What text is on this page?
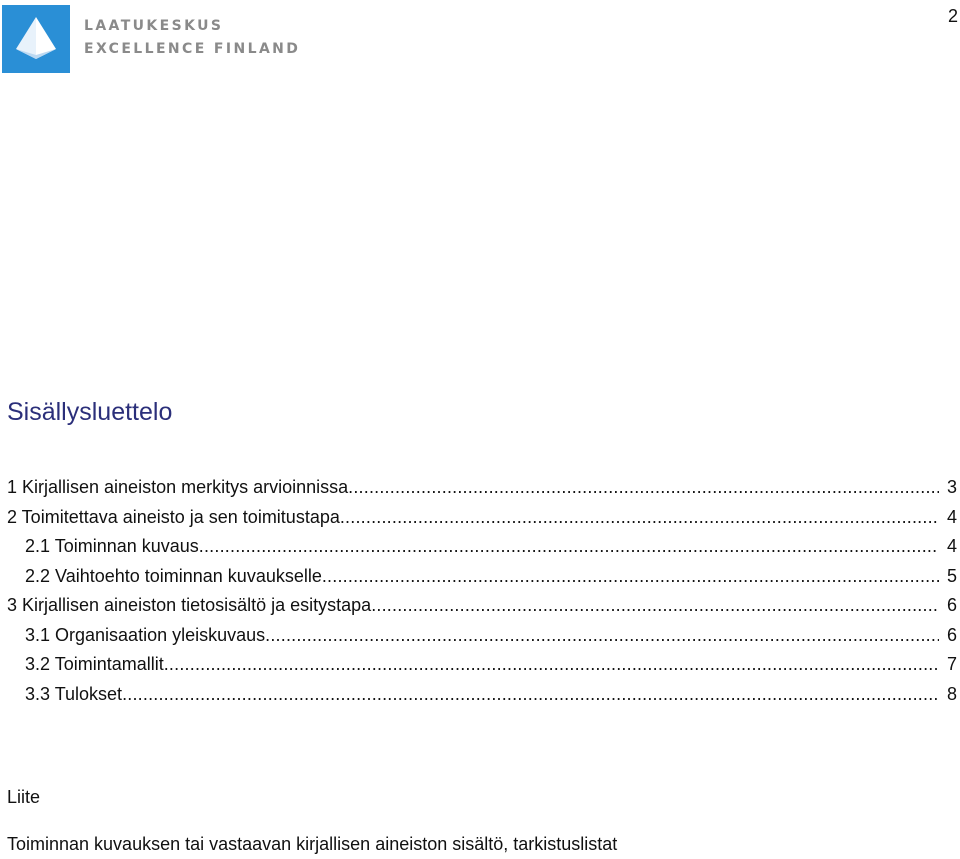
2
LAATUKESKUS
EXCELLENCE FINLAND
Sisällysluettelo
1 Kirjallisen aineiston merkitys arvioinnissa .....	3
2 Toimitettava aineisto ja sen toimitustapa .....	4
2.1 Toiminnan kuvaus .....	4
2.2 Vaihtoehto toiminnan kuvaukselle .....	5
3 Kirjallisen aineiston tietosisältö ja esitystapa .....	6
3.1 Organisaation yleiskuvaus .....	6
3.2 Toimintamallit .....	7
3.3 Tulokset .....	8
Liite

Toiminnan kuvauksen tai vastaavan kirjallisen aineiston sisältö, tarkistuslistat
